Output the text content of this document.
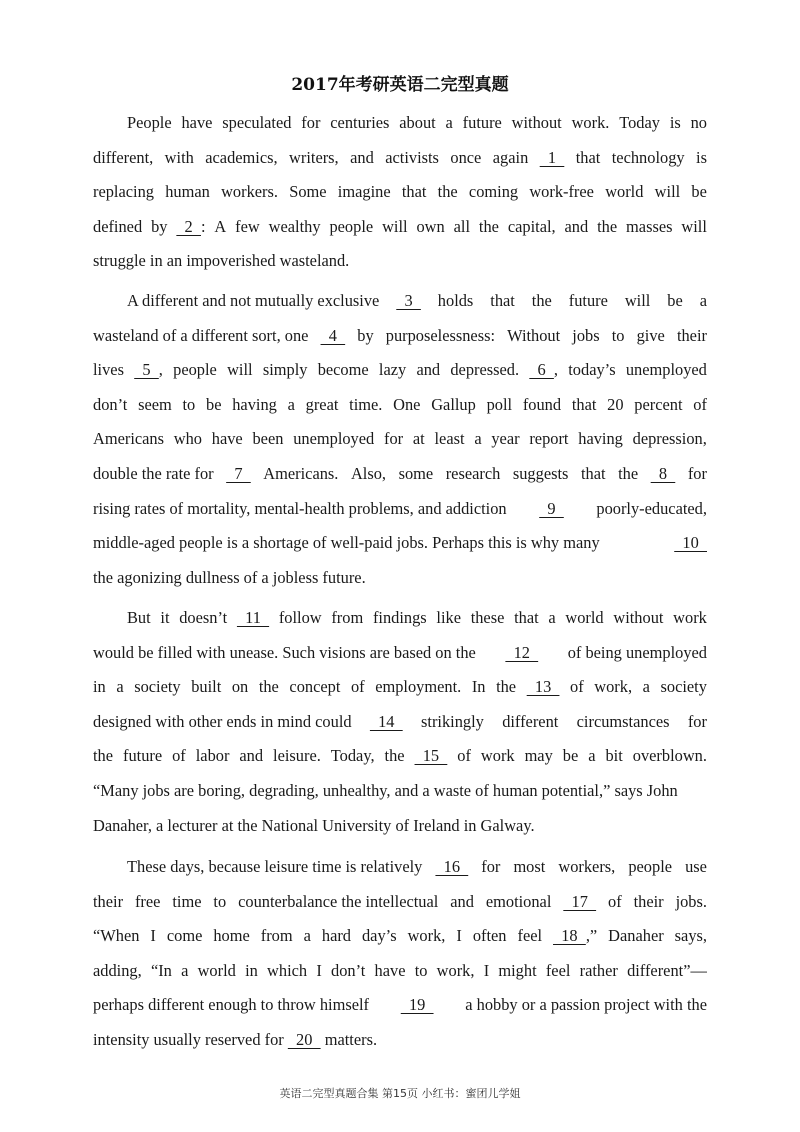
2017年考研英语二完型真题
People have speculated for centuries about a future without work. Today is no
different, with academics, writers, and activists once again 1 that technology is
replacing human workers. Some imagine that the coming work-free world will be
defined by 2  : A few wealthy people will own all the capital, and the masses will
struggle in an impoverished wasteland.
A different and not mutually exclusive 3 holds that the future will be a
wasteland of a different sort, one 4 by purposelessness: Without jobs to give their
lives 5  , people will simply become lazy and depressed. 6  , today’s unemployed
don’t seem to be having a great time. One Gallup poll found that 20 percent of
Americans who have been unemployed for at least a year report having depression,
double the rate for 7 Americans. Also, some research suggests that the 8 for
rising rates of mortality, mental-health problems, and addiction 9 poorly-educated,
middle-aged people is a shortage of well-paid jobs. Perhaps this is why many	10
the agonizing dullness of a jobless future.
But it doesn’t 11 follow from findings like these that a world without work
would be filled with unease. Such visions are based on the 12 of being unemployed
in a society built on the concept of employment. In the 13 of work, a society
designed with other ends in mind could 14 strikingly different circumstances for
the future of labor and leisure. Today, the 15 of work may be a bit overblown.
“Many jobs are boring, degrading, unhealthy, and a waste of human potential,” says John
Danaher, a lecturer at the National University of Ireland in Galway.
These days, because leisure time is relatively 16 for most workers, people use
their free time to counterbalance the intellectual and emotional 17 of their jobs.
“When I come home from a hard day’s work, I often feel 18  ,” Danaher says,
adding, “In a world in which I don’t have to work, I might feel rather different”—
perhaps different enough to throw himself 19 a hobby or a passion project with the
intensity usually reserved for   20   matters.
英语二完型真题合集 第15页 小红书：蜜团儿学姐
